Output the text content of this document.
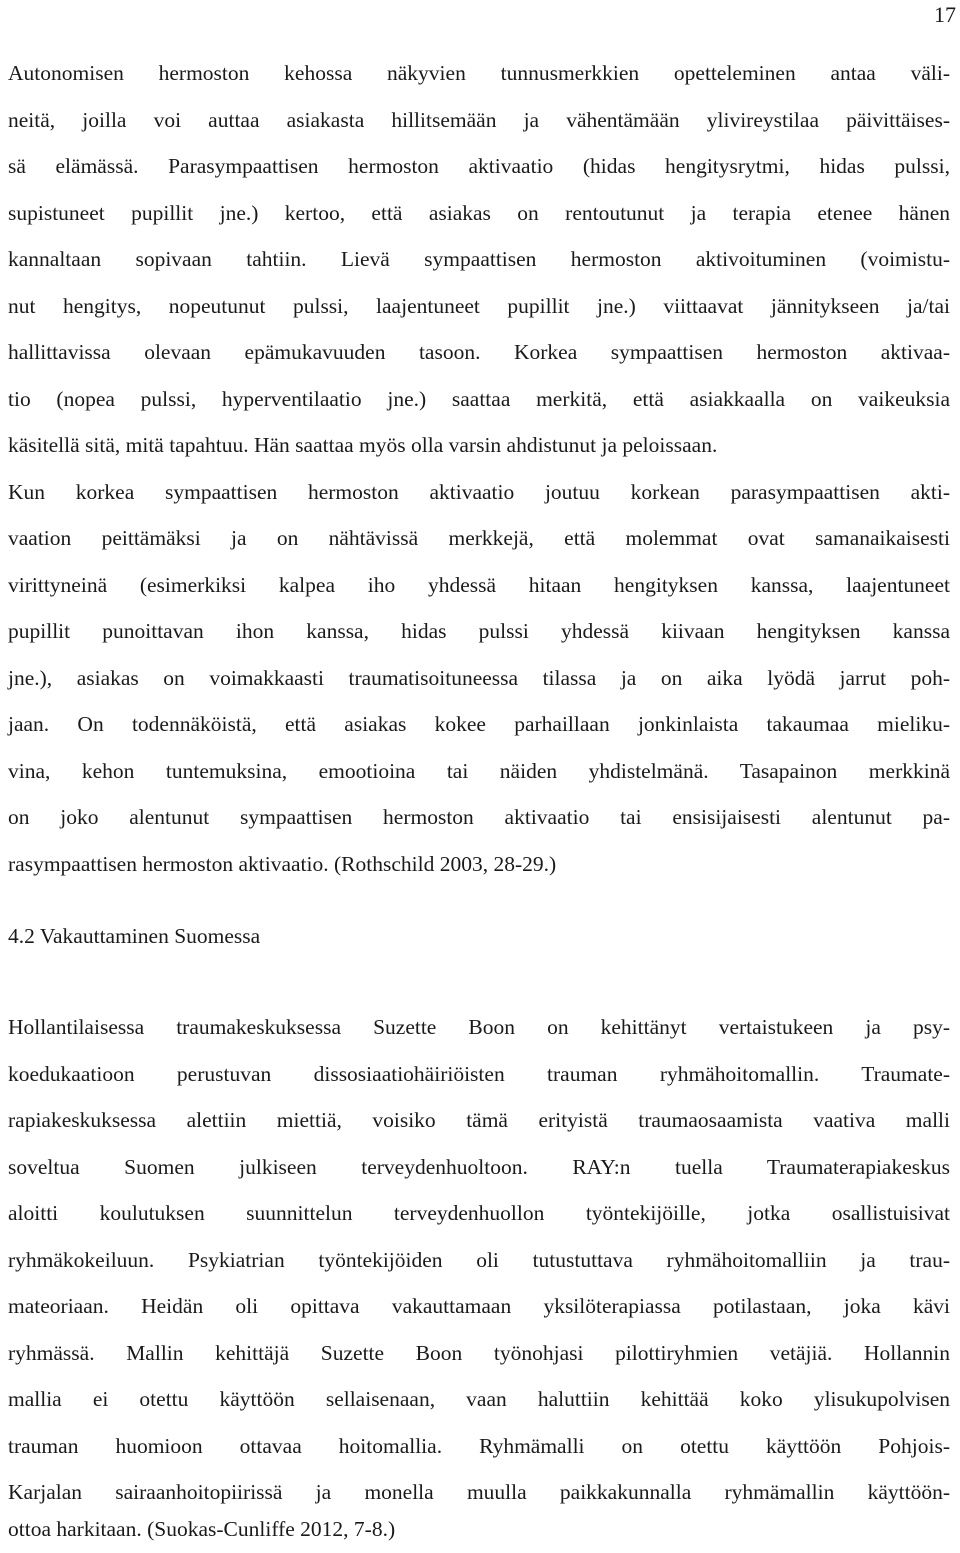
17
Autonomisen hermoston kehossa näkyvien tunnusmerkkien opetteleminen antaa väli-
neitä, joilla voi auttaa asiakasta hillitsemään ja vähentämään ylivireystilaa päivittäises-
sä elämässä. Parasympaattisen hermoston aktivaatio (hidas hengitysrytmi, hidas pulssi,
supistuneet pupillit jne.) kertoo, että asiakas on rentoutunut ja terapia etenee hänen
kannaltaan sopivaan tahtiin. Lievä sympaattisen hermoston aktivoituminen (voimistu-
nut hengitys, nopeutunut pulssi, laajentuneet pupillit jne.) viittaavat jännitykseen ja/tai
hallittavissa olevaan epämukavuuden tasoon. Korkea sympaattisen hermoston aktivaa-
tio (nopea pulssi, hyperventilaatio jne.) saattaa merkitä, että asiakkaalla on vaikeuksia
käsitellä sitä, mitä tapahtuu. Hän saattaa myös olla varsin ahdistunut ja peloissaan.
Kun korkea sympaattisen hermoston aktivaatio joutuu korkean parasympaattisen akti-
vaation peittämäksi ja on nähtävissä merkkejä, että molemmat ovat samanaikaisesti
virittyneinä (esimerkiksi kalpea iho yhdessä hitaan hengityksen kanssa, laajentuneet
pupillit punoittavan ihon kanssa, hidas pulssi yhdessä kiivaan hengityksen kanssa
jne.), asiakas on voimakkaasti traumatisoituneessa tilassa ja on aika lyödä jarrut poh-
jaan. On todennäköistä, että asiakas kokee parhaillaan jonkinlaista takaumaa mieliku-
vina, kehon tuntemuksina, emootioina tai näiden yhdistelmänä. Tasapainon merkkinä
on joko alentunut sympaattisen hermoston aktivaatio tai ensisijaisesti alentunut pa-
rasympaattisen hermoston aktivaatio. (Rothschild 2003, 28-29.)
4.2 Vakauttaminen Suomessa
Hollantilaisessa traumakeskuksessa Suzette Boon on kehittänyt vertaistukeen ja psy-
koedukaatioon perustuvan dissosiaatiohäiriöisten trauman ryhmähoitomallin. Traumate-
rapiakeskuksessa alettiin miettiä, voisiko tämä erityistä traumaosaamista vaativa malli
soveltua Suomen julkiseen terveydenhuoltoon. RAY:n tuella Traumaterapiakeskus
aloitti koulutuksen suunnittelun terveydenhuollon työntekijöille, jotka osallistuisivat
ryhmäkokeiluun. Psykiatrian työntekijöiden oli tutustuttava ryhmähoitomalliin ja trau-
mateoriaan. Heidän oli opittava vakauttamaan yksilöterapiassa potilastaan, joka kävi
ryhmässä. Mallin kehittäjä Suzette Boon työnohjasi pilottiryhmien vetäjiä. Hollannin
mallia ei otettu käyttöön sellaisenaan, vaan haluttiin kehittää koko ylisukupolvisen
trauman huomioon ottavaa hoitomallia. Ryhmämalli on otettu käyttöön Pohjois-
Karjalan sairaanhoitopiirissä ja monella muulla paikkakunnalla ryhmämallin käyttöön-
ottoa harkitaan. (Suokas-Cunliffe 2012, 7-8.)
